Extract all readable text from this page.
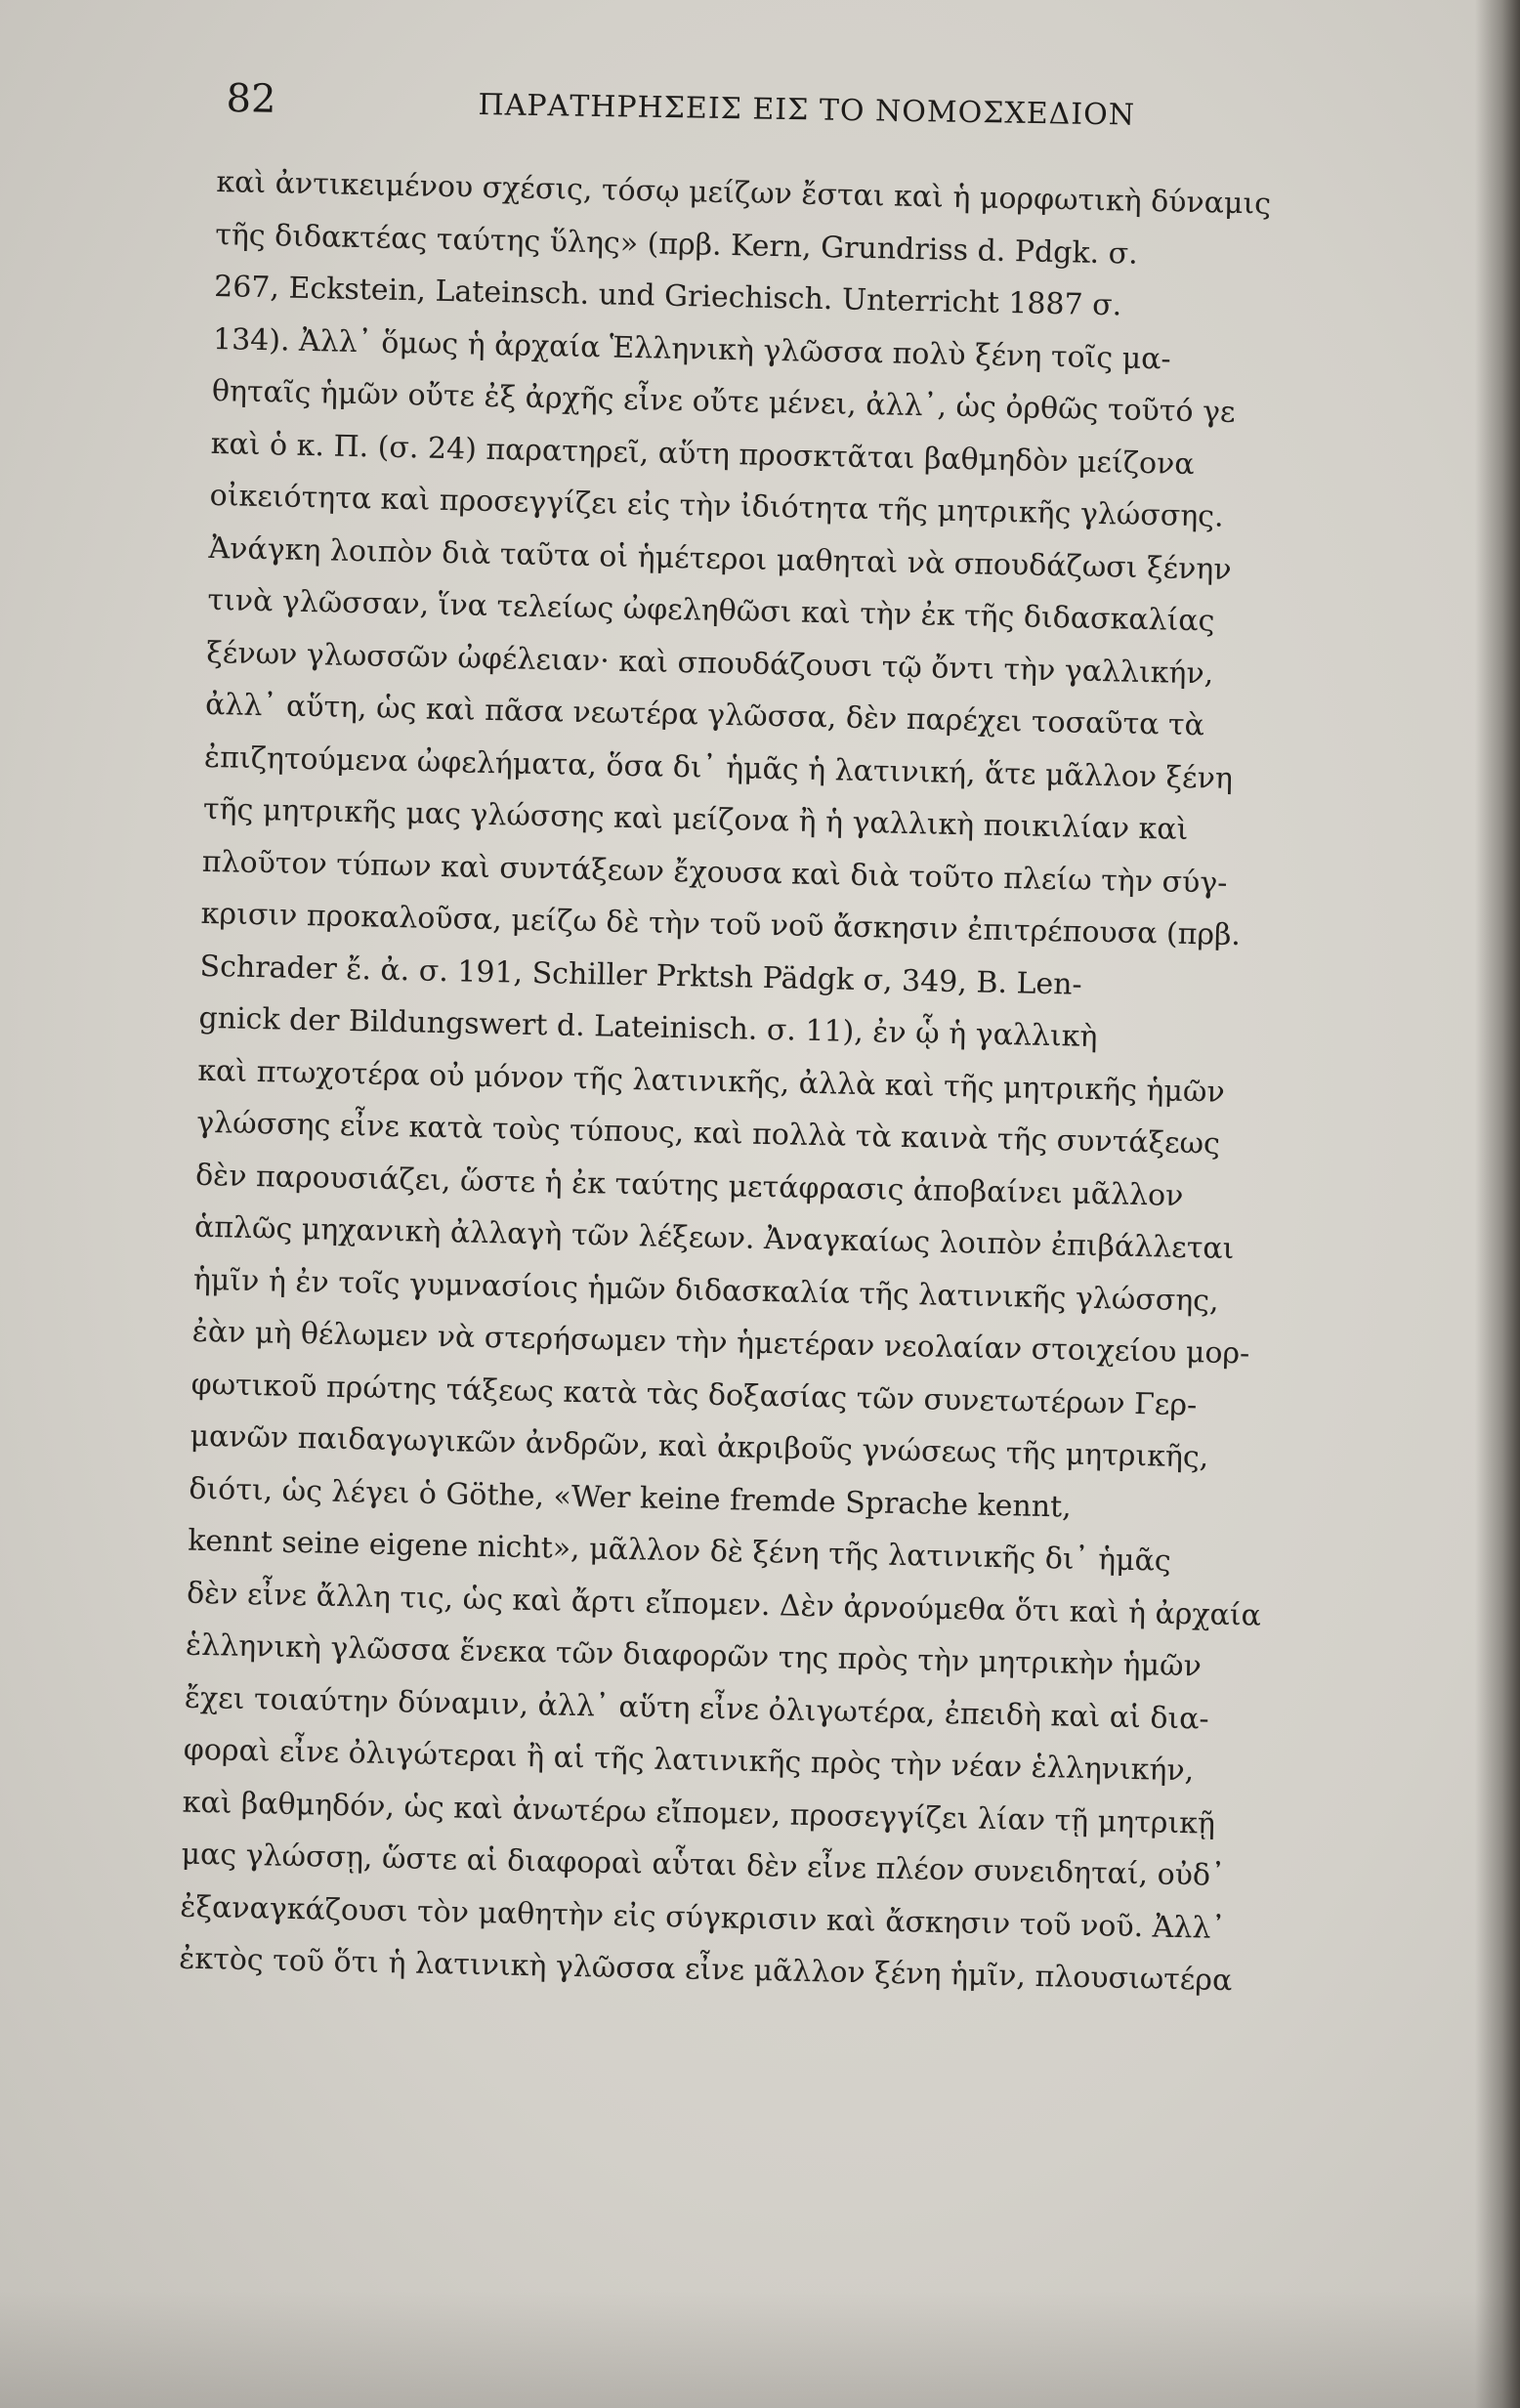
82	ΠΑΡΑΤΗΡΗΣΕΙΣ ΕΙΣ ΤΟ ΝΟΜΟΣΧΕΔΙΟΝ
καὶ ἀντικειμένου σχέσις, τόσῳ μείζων ἔσται καὶ ἡ μορφωτικὴ δύναμις
τῆς διδακτέας ταύτης ὕλης» (πρβ. Kern, Grundriss d. Pdgk. σ.
267, Eckstein, Lateinsch. und Griechisch. Unterricht 1887 σ.
134). Ἀλλ᾽ ὅμως ἡ ἀρχαία Ἑλληνικὴ γλῶσσα πολὺ ξένη τοῖς μα-
θηταῖς ἡμῶν οὔτε ἐξ ἀρχῆς εἶνε οὔτε μένει, ἀλλ᾽, ὡς ὀρθῶς τοῦτό γε
καὶ ὁ κ. Π. (σ. 24) παρατηρεῖ, αὕτη προσκτᾶται βαθμηδὸν μείζονα
οἰκειότητα καὶ προσεγγίζει εἰς τὴν ἰδιότητα τῆς μητρικῆς γλώσσης.
Ἀνάγκη λοιπὸν διὰ ταῦτα οἱ ἡμέτεροι μαθηταὶ νὰ σπουδάζωσι ξένην
τινὰ γλῶσσαν, ἵνα τελείως ὠφεληθῶσι καὶ τὴν ἐκ τῆς διδασκαλίας
ξένων γλωσσῶν ὠφέλειαν· καὶ σπουδάζουσι τῷ ὄντι τὴν γαλλικήν,
ἀλλ᾽ αὕτη, ὡς καὶ πᾶσα νεωτέρα γλῶσσα, δὲν παρέχει τοσαῦτα τὰ
ἐπιζητούμενα ὠφελήματα, ὅσα δι᾽ ἡμᾶς ἡ λατινική, ἅτε μᾶλλον ξένη
τῆς μητρικῆς μας γλώσσης καὶ μείζονα ἢ ἡ γαλλικὴ ποικιλίαν καὶ
πλοῦτον τύπων καὶ συντάξεων ἔχουσα καὶ διὰ τοῦτο πλείω τὴν σύγ-
κρισιν προκαλοῦσα, μείζω δὲ τὴν τοῦ νοῦ ἄσκησιν ἐπιτρέπουσα (πρβ.
Schrader ἔ. ἀ. σ. 191, Schiller Prktsh Pädgk σ, 349, B. Len-
gnick der Bildungswert d. Lateinisch. σ. 11), ἐν ᾧ ἡ γαλλικὴ
καὶ πτωχοτέρα οὐ μόνον τῆς λατινικῆς, ἀλλὰ καὶ τῆς μητρικῆς ἡμῶν
γλώσσης εἶνε κατὰ τοὺς τύπους, καὶ πολλὰ τὰ καινὰ τῆς συντάξεως
δὲν παρουσιάζει, ὥστε ἡ ἐκ ταύτης μετάφρασις ἀποβαίνει μᾶλλον
ἁπλῶς μηχανικὴ ἀλλαγὴ τῶν λέξεων. Ἀναγκαίως λοιπὸν ἐπιβάλλεται
ἡμῖν ἡ ἐν τοῖς γυμνασίοις ἡμῶν διδασκαλία τῆς λατινικῆς γλώσσης,
ἐὰν μὴ θέλωμεν νὰ στερήσωμεν τὴν ἡμετέραν νεολαίαν στοιχείου μορ-
φωτικοῦ πρώτης τάξεως κατὰ τὰς δοξασίας τῶν συνετωτέρων Γερ-
μανῶν παιδαγωγικῶν ἀνδρῶν, καὶ ἀκριβοῦς γνώσεως τῆς μητρικῆς,
διότι, ὡς λέγει ὁ Göthe, «Wer keine fremde Sprache kennt,
kennt seine eigene nicht», μᾶλλον δὲ ξένη τῆς λατινικῆς δι᾽ ἡμᾶς
δὲν εἶνε ἄλλη τις, ὡς καὶ ἄρτι εἴπομεν. Δὲν ἀρνούμεθα ὅτι καὶ ἡ ἀρχαία
ἑλληνικὴ γλῶσσα ἕνεκα τῶν διαφορῶν της πρὸς τὴν μητρικὴν ἡμῶν
ἔχει τοιαύτην δύναμιν, ἀλλ᾽ αὕτη εἶνε ὀλιγωτέρα, ἐπειδὴ καὶ αἱ δια-
φοραὶ εἶνε ὀλιγώτεραι ἢ αἱ τῆς λατινικῆς πρὸς τὴν νέαν ἑλληνικήν,
καὶ βαθμηδόν, ὡς καὶ ἀνωτέρω εἴπομεν, προσεγγίζει λίαν τῇ μητρικῇ
μας γλώσσῃ, ὥστε αἱ διαφοραὶ αὗται δὲν εἶνε πλέον συνειδηταί, οὐδ᾽
ἐξαναγκάζουσι τὸν μαθητὴν εἰς σύγκρισιν καὶ ἄσκησιν τοῦ νοῦ. Ἀλλ᾽
ἐκτὸς τοῦ ὅτι ἡ λατινικὴ γλῶσσα εἶνε μᾶλλον ξένη ἡμῖν, πλουσιωτέρα
